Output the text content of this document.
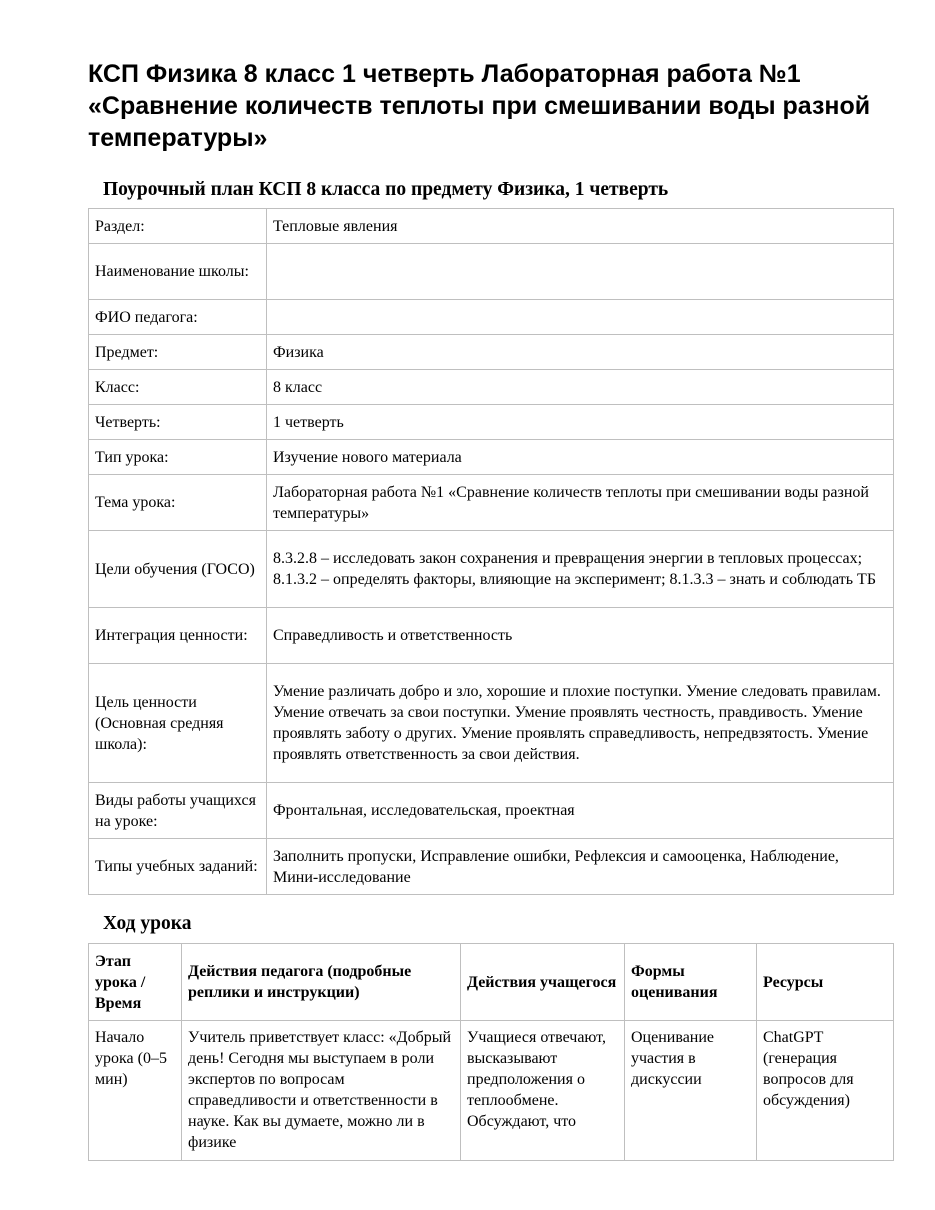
КСП Физика 8 класс 1 четверть Лабораторная работа №1 «Сравнение количеств теплоты при смешивании воды разной температуры»
Поурочный план КСП 8 класса по предмету Физика, 1 четверть
Раздел:	Тепловые явления
Наименование школы:	
ФИО педагога:	
Предмет:	Физика
Класс:	8 класс
Четверть:	1 четверть
Тип урока:	Изучение нового материала
Тема урока:	Лабораторная работа №1 «Сравнение количеств теплоты при смешивании воды разной температуры»
Цели обучения (ГОСО)	8.3.2.8 – исследовать закон сохранения и превращения энергии в тепловых процессах; 8.1.3.2 – определять факторы, влияющие на эксперимент; 8.1.3.3 – знать и соблюдать ТБ
Интеграция ценности:	Справедливость и ответственность
Цель ценности (Основная средняя школа):	Умение различать добро и зло, хорошие и плохие поступки. Умение следовать правилам. Умение отвечать за свои поступки. Умение проявлять честность, правдивость. Умение проявлять заботу о других. Умение проявлять справедливость, непредвзятость. Умение проявлять ответственность за свои действия.
Виды работы учащихся на уроке:	Фронтальная, исследовательская, проектная
Типы учебных заданий:	Заполнить пропуски, Исправление ошибки, Рефлексия и самооценка, Наблюдение, Мини-исследование
Ход урока
Этап урока / Время	Действия педагога (подробные реплики и инструкции)	Действия учащегося	Формы оценивания	Ресурсы

Начало урока (0–5 мин)	Учитель приветствует класс: «Добрый день! Сегодня мы выступаем в роли экспертов по вопросам справедливости и ответственности в науке. Как вы думаете, можно ли в физике	Учащиеся отвечают, высказывают предположения о теплообмене. Обсуждают, что	Оценивание участия в дискуссии	ChatGPT (генерация вопросов для обсуждения)
